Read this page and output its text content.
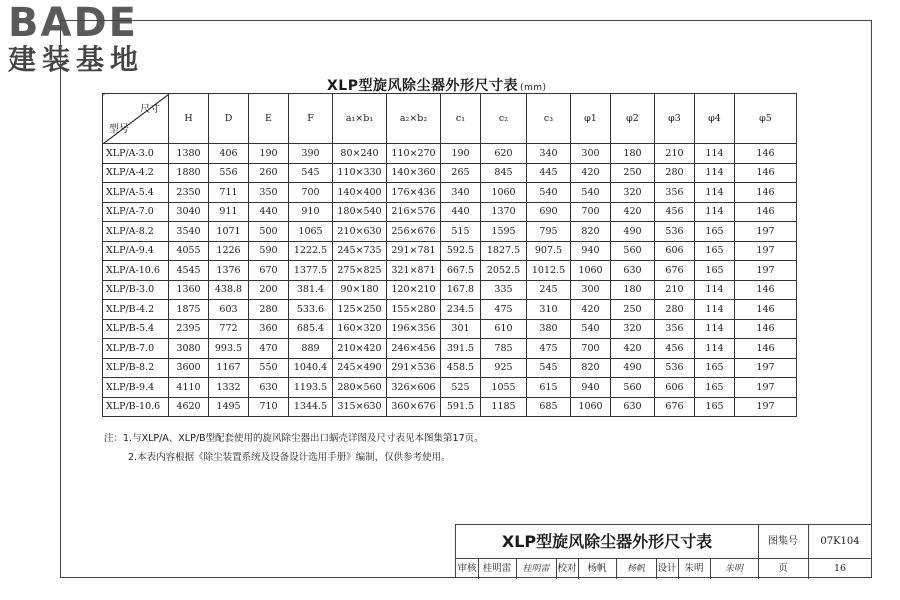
BADE
建装基地
XLP型旋风除尘器外形尺寸表 (mm)
尺寸
型号	H	D	E	F	a₁×b₁	a₂×b₂	c₁	c₂	c₃	φ1	φ2	φ3	φ4	φ5
XLP/A-3.0	1380	406	190	390	80×240	110×270	190	620	340	300	180	210	114	146
XLP/A-4.2	1880	556	260	545	110×330	140×360	265	845	445	420	250	280	114	146
XLP/A-5.4	2350	711	350	700	140×400	176×436	340	1060	540	540	320	356	114	146
XLP/A-7.0	3040	911	440	910	180×540	216×576	440	1370	690	700	420	456	114	146
XLP/A-8.2	3540	1071	500	1065	210×630	256×676	515	1595	795	820	490	536	165	197
XLP/A-9.4	4055	1226	590	1222.5	245×735	291×781	592.5	1827.5	907.5	940	560	606	165	197
XLP/A-10.6	4545	1376	670	1377.5	275×825	321×871	667.5	2052.5	1012.5	1060	630	676	165	197
XLP/B-3.0	1360	438.8	200	381.4	90×180	120×210	167.8	335	245	300	180	210	114	146
XLP/B-4.2	1875	603	280	533.6	125×250	155×280	234.5	475	310	420	250	280	114	146
XLP/B-5.4	2395	772	360	685.4	160×320	196×356	301	610	380	540	320	356	114	146
XLP/B-7.0	3080	993.5	470	889	210×420	246×456	391.5	785	475	700	420	456	114	146
XLP/B-8.2	3600	1167	550	1040.4	245×490	291×536	458.5	925	545	820	490	536	165	197
XLP/B-9.4	4110	1332	630	1193.5	280×560	326×606	525	1055	615	940	560	606	165	197
XLP/B-10.6	4620	1495	710	1344.5	315×630	360×676	591.5	1185	685	1060	630	676	165	197
注：1.与XLP/A、XLP/B型配套使用的旋风除尘器出口蜗壳详图及尺寸表见本图集第17页。
2.本表内容根据《除尘装置系统及设备设计选用手册》编制，仅供参考使用。
XLP型旋风除尘器外形尺寸表	图集号	07K104
审核 桂明雷	桂明雷 校对	杨帆	杨帆	设计 朱明	朱明	页	16
